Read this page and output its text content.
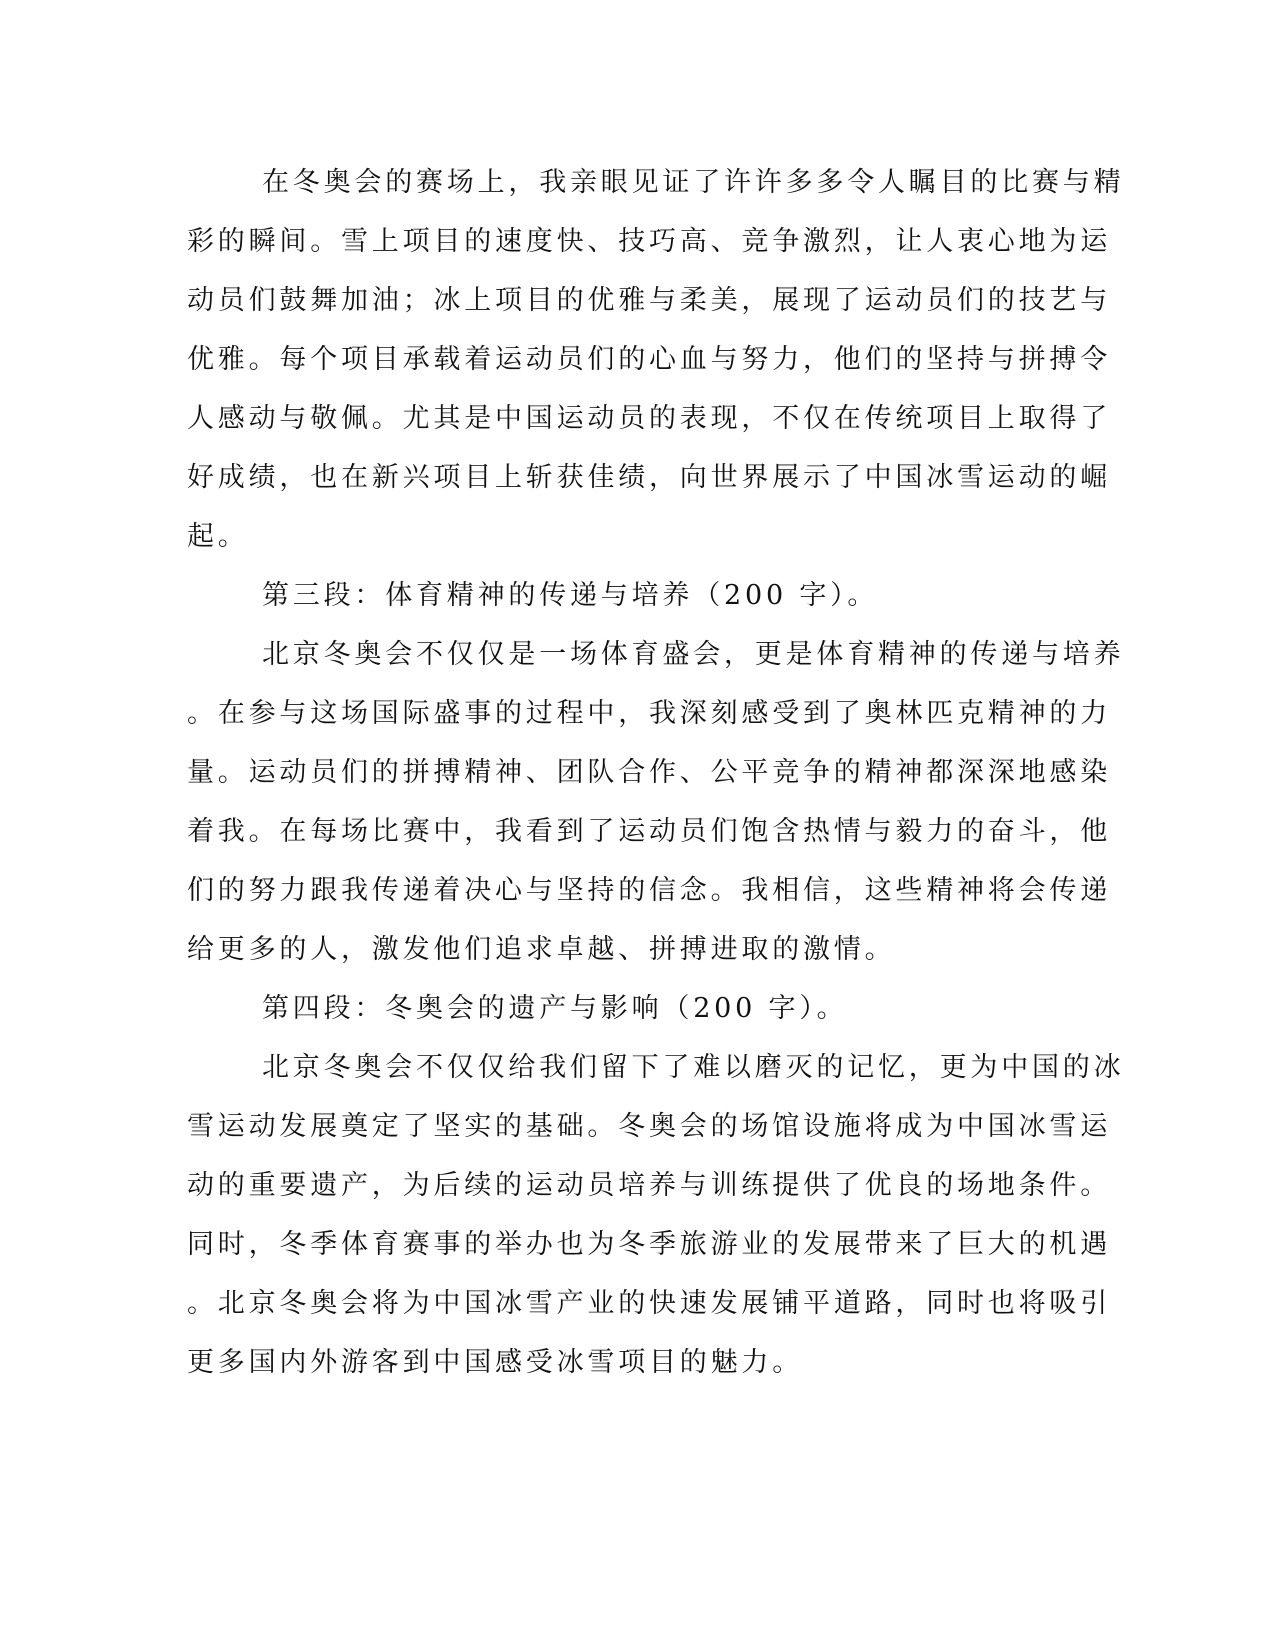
在冬奥会的赛场上，我亲眼见证了许许多多令人瞩目的比赛与精
彩的瞬间。雪上项目的速度快、技巧高、竞争激烈，让人衷心地为运
动员们鼓舞加油；冰上项目的优雅与柔美，展现了运动员们的技艺与
优雅。每个项目承载着运动员们的心血与努力，他们的坚持与拼搏令
人感动与敬佩。尤其是中国运动员的表现，不仅在传统项目上取得了
好成绩，也在新兴项目上斩获佳绩，向世界展示了中国冰雪运动的崛
起。
第三段：体育精神的传递与培养（200 字）。
北京冬奥会不仅仅是一场体育盛会，更是体育精神的传递与培养
。在参与这场国际盛事的过程中，我深刻感受到了奥林匹克精神的力
量。运动员们的拼搏精神、团队合作、公平竞争的精神都深深地感染
着我。在每场比赛中，我看到了运动员们饱含热情与毅力的奋斗，他
们的努力跟我传递着决心与坚持的信念。我相信，这些精神将会传递
给更多的人，激发他们追求卓越、拼搏进取的激情。
第四段：冬奥会的遗产与影响（200 字）。
北京冬奥会不仅仅给我们留下了难以磨灭的记忆，更为中国的冰
雪运动发展奠定了坚实的基础。冬奥会的场馆设施将成为中国冰雪运
动的重要遗产，为后续的运动员培养与训练提供了优良的场地条件。
同时，冬季体育赛事的举办也为冬季旅游业的发展带来了巨大的机遇
。北京冬奥会将为中国冰雪产业的快速发展铺平道路，同时也将吸引
更多国内外游客到中国感受冰雪项目的魅力。
